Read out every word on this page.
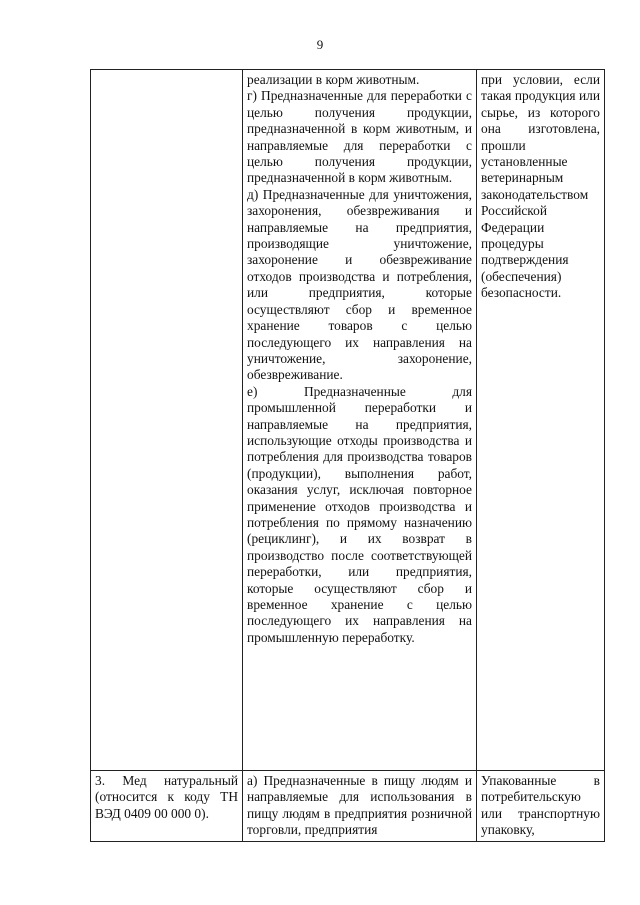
9

	реализации в корм животным.
г) Предназначенные для переработки с целью получения продукции, предназначенной в корм животным, и направляемые для переработки с целью получения продукции, предназначенной в корм животным.
д) Предназначенные для уничтожения, захоронения, обезвреживания и направляемые на предприятия, производящие уничтожение, захоронение и обезвреживание отходов производства и потребления, или предприятия, которые осуществляют сбор и временное хранение товаров с целью последующего их направления на уничтожение, захоронение, обезвреживание.
е) Предназначенные для промышленной переработки и направляемые на предприятия, использующие отходы производства и потребления для производства товаров (продукции), выполнения работ, оказания услуг, исключая повторное применение отходов производства и потребления по прямому назначению (рециклинг), и их возврат в производство после соответствующей переработки, или предприятия, которые осуществляют сбор и временное хранение с целью последующего их направления на промышленную переработку.	при условии, если такая продукция или сырье, из которого она изготовлена, прошли установленные ветеринарным законодательством Российской Федерации процедуры подтверждения (обеспечения) безопасности.
3. Мед натуральный (относится к коду ТН ВЭД 0409 00 000 0).	а) Предназначенные в пищу людям и направляемые для использования в пищу людям в предприятия розничной торговли, предприятия	Упакованные в потребительскую или транспортную упаковку,
